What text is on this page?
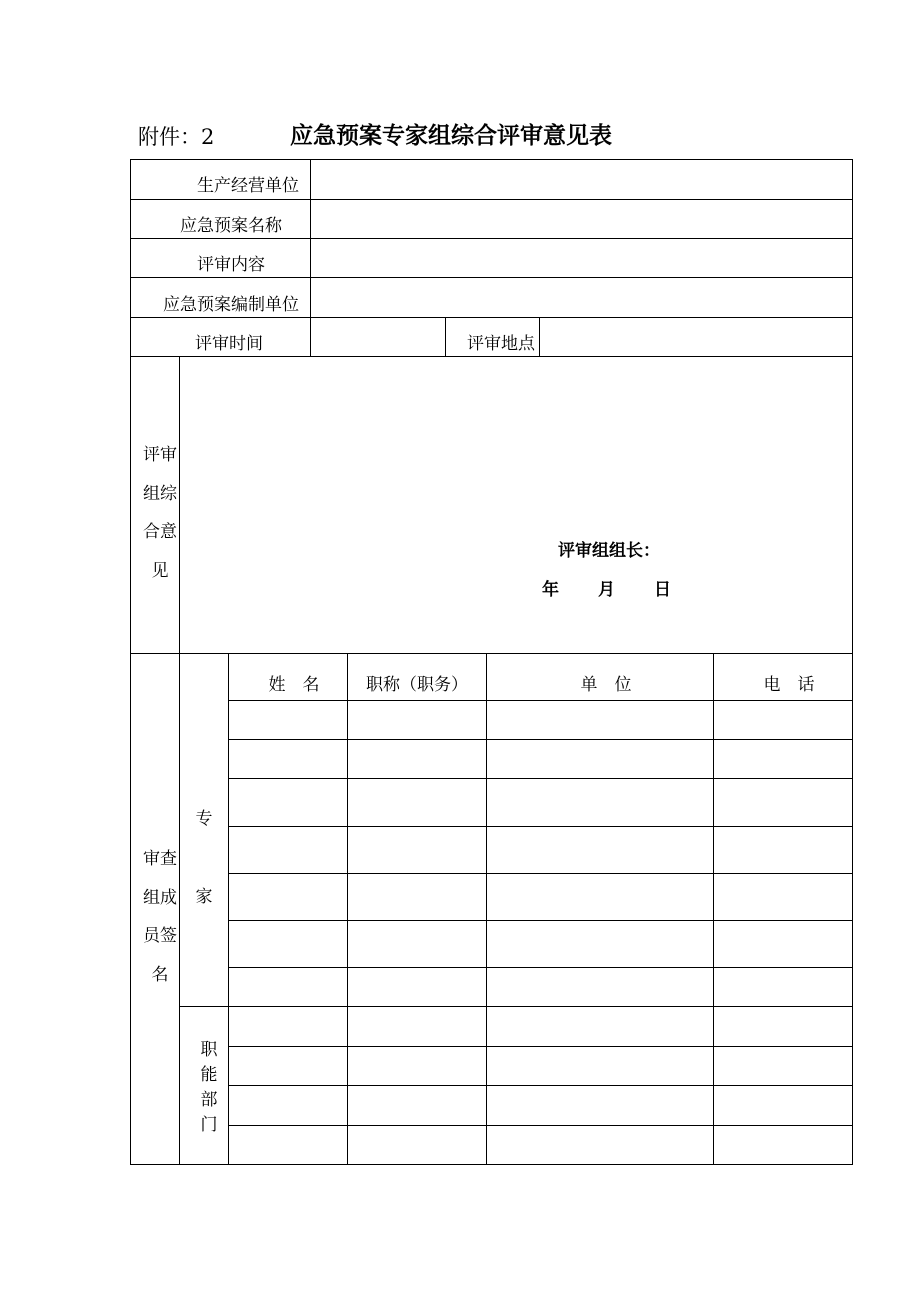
附件：2	应急预案专家组综合评审意见表
生产经营单位
应急预案名称
评审内容
应急预案编制单位
评审时间	评审地点
评审
组综
合意
见
评审组组长：
年 月 日
审查
组成
员签
名
专
家
职
能
部
门
姓　名	职称（职务）	单　位	电　话
